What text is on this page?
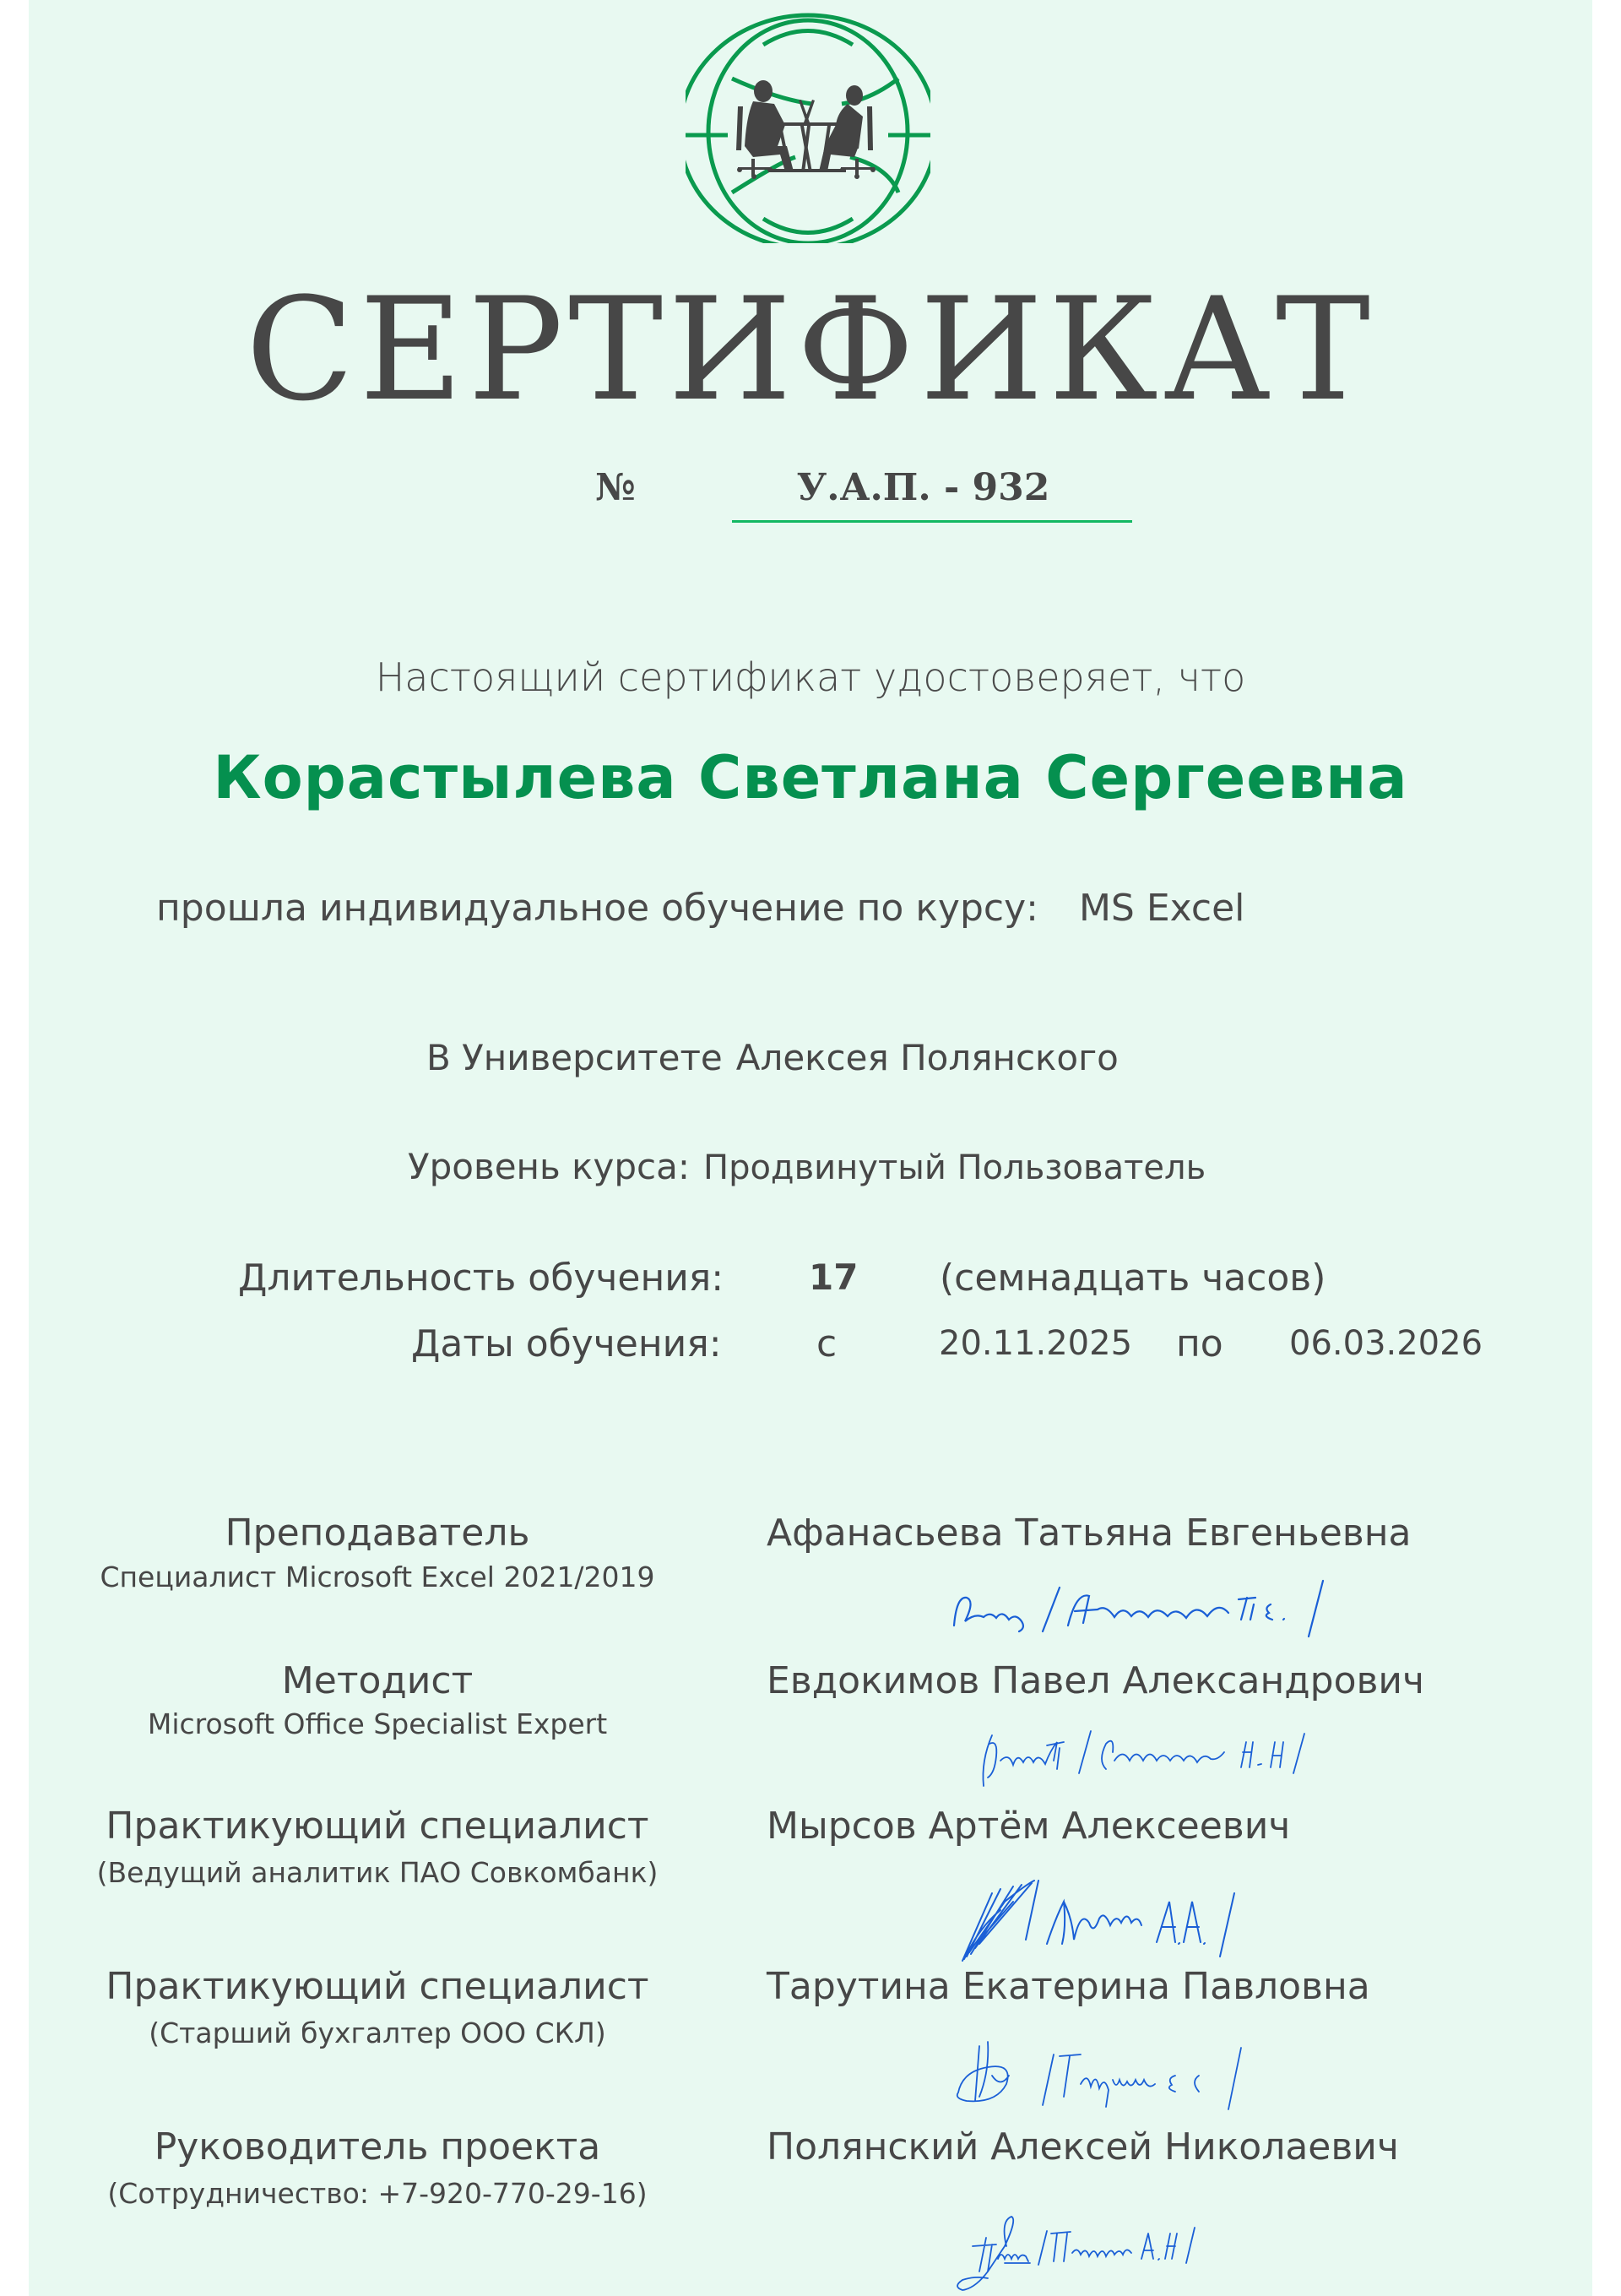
СЕРТИФИКАТ
№	У.А.П. - 932
Настоящий сертификат удостоверяет, что
Корастылева Светлана Сергеевна
прошла индивидуальное обучение по курсу: MS Excel
В Университете Алексея Полянского
Уровень курса: Продвинутый Пользователь
Длительность обучения: 17 (семнадцать часов)
Даты обучения:	с	20.11.2025 по 06.03.2026
Преподаватель
Специалист Microsoft Excel 2021/2019
Афанасьева Татьяна Евгеньевна
Методист
Microsoft Office Specialist Expert
Евдокимов Павел Александрович
Практикующий специалист
(Ведущий аналитик ПАО Совкомбанк)
Мырсов Артём Алексеевич
Практикующий специалист
(Старший бухгалтер ООО СКЛ)
Тарутина Екатерина Павловна
Руководитель проекта
(Сотрудничество: +7-920-770-29-16)
Полянский Алексей Николаевич
